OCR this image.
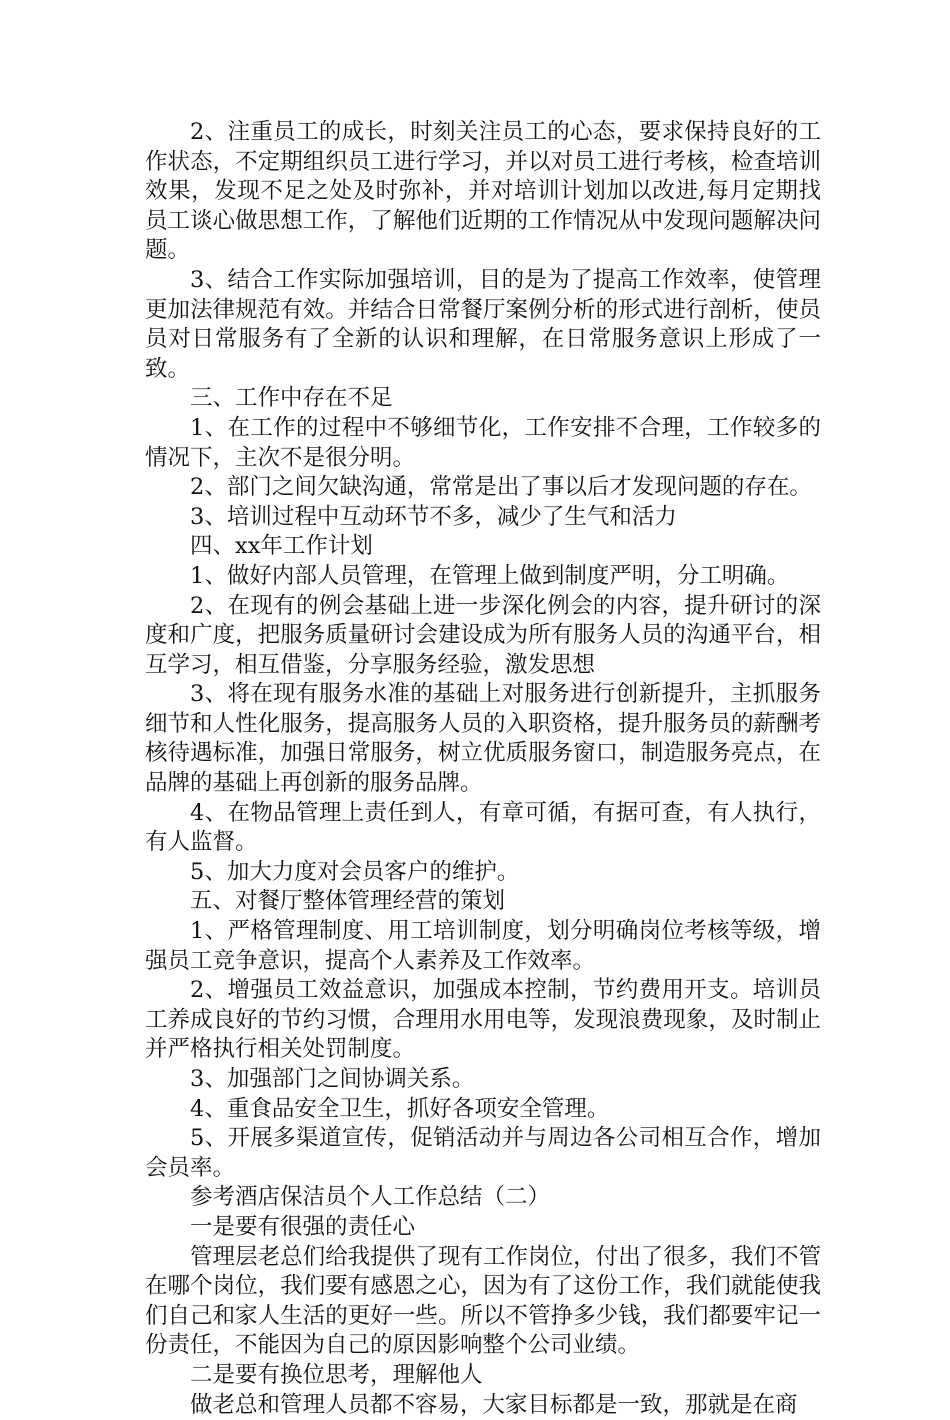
2、注重员工的成长，时刻关注员工的心态，要求保持良好的工作状态，不定期组织员工进行学习，并以对员工进行考核，检查培训效果，发现不足之处及时弥补，并对培训计划加以改进,每月定期找员工谈心做思想工作，了解他们近期的工作情况从中发现问题解决问题。

3、结合工作实际加强培训，目的是为了提高工作效率，使管理更加法律规范有效。并结合日常餐厅案例分析的形式进行剖析，使员员对日常服务有了全新的认识和理解，在日常服务意识上形成了一致。

三、工作中存在不足

1、在工作的过程中不够细节化，工作安排不合理，工作较多的情况下，主次不是很分明。

2、部门之间欠缺沟通，常常是出了事以后才发现问题的存在。

3、培训过程中互动环节不多，减少了生气和活力

四、xx年工作计划

1、做好内部人员管理，在管理上做到制度严明，分工明确。

2、在现有的例会基础上进一步深化例会的内容，提升研讨的深度和广度，把服务质量研讨会建设成为所有服务人员的沟通平台，相互学习，相互借鉴，分享服务经验，激发思想

3、将在现有服务水准的基础上对服务进行创新提升，主抓服务细节和人性化服务，提高服务人员的入职资格，提升服务员的薪酬考核待遇标准，加强日常服务，树立优质服务窗口，制造服务亮点，在品牌的基础上再创新的服务品牌。

4、在物品管理上责任到人，有章可循，有据可查，有人执行，有人监督。

5、加大力度对会员客户的维护。

五、对餐厅整体管理经营的策划

1、严格管理制度、用工培训制度，划分明确岗位考核等级，增强员工竞争意识，提高个人素养及工作效率。

2、增强员工效益意识，加强成本控制，节约费用开支。培训员工养成良好的节约习惯，合理用水用电等，发现浪费现象，及时制止并严格执行相关处罚制度。

3、加强部门之间协调关系。

4、重食品安全卫生，抓好各项安全管理。

5、开展多渠道宣传，促销活动并与周边各公司相互合作，增加会员率。

参考酒店保洁员个人工作总结（二）

一是要有很强的责任心

管理层老总们给我提供了现有工作岗位，付出了很多，我们不管在哪个岗位，我们要有感恩之心，因为有了这份工作，我们就能使我们自己和家人生活的更好一些。所以不管挣多少钱，我们都要牢记一份责任，不能因为自己的原因影响整个公司业绩。

二是要有换位思考，理解他人

做老总和管理人员都不容易，大家目标都是一致，那就是在商
